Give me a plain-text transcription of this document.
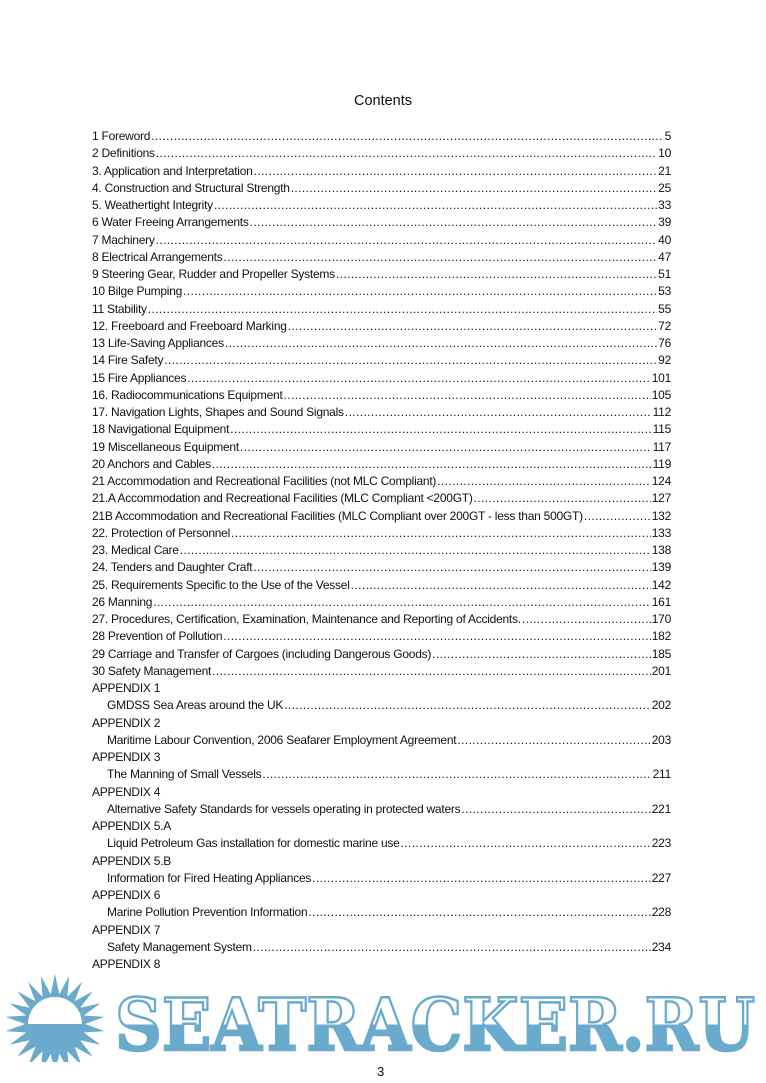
Contents
1 Foreword .....	5
2 Definitions .....	10
3. Application and Interpretation .....	21
4. Construction and Structural Strength .....	25
5. Weathertight Integrity .....	33
6 Water Freeing Arrangements .....	39
7 Machinery .....	40
8 Electrical Arrangements .....	47
9 Steering Gear, Rudder and Propeller Systems .....	51
10 Bilge Pumping .....	53
11 Stability .....	55
12. Freeboard and Freeboard Marking .....	72
13 Life-Saving Appliances .....	76
14 Fire Safety .....	92
15 Fire Appliances .....	101
16. Radiocommunications Equipment .....	105
17. Navigation Lights, Shapes and Sound Signals .....	112
18 Navigational Equipment .....	115
19 Miscellaneous Equipment .....	117
20 Anchors and Cables .....	119
21 Accommodation and Recreational Facilities (not MLC Compliant) .....	124
21.A Accommodation and Recreational Facilities (MLC Compliant <200GT) .....	127
21B Accommodation and Recreational Facilities (MLC Compliant over 200GT - less than 500GT) .....	132
22. Protection of Personnel .....	133
23. Medical Care .....	138
24. Tenders and Daughter Craft .....	139
25. Requirements Specific to the Use of the Vessel .....	142
26 Manning .....	161
27. Procedures, Certification, Examination, Maintenance and Reporting of Accidents. .....	170
28 Prevention of Pollution .....	182
29 Carriage and Transfer of Cargoes (including Dangerous Goods) .....	185
30 Safety Management .....	201
APPENDIX 1
GMDSS Sea Areas around the UK .....	202
APPENDIX 2
Maritime Labour Convention, 2006 Seafarer Employment Agreement .....	203
APPENDIX 3
The Manning of Small Vessels .....	211
APPENDIX 4
Alternative Safety Standards for vessels operating in protected waters .....	221
APPENDIX 5.A
Liquid Petroleum Gas installation for domestic marine use .....	223
APPENDIX 5.B
Information for Fired Heating Appliances .....	227
APPENDIX 6
Marine Pollution Prevention Information .....	228
APPENDIX 7
Safety Management System .....	234
APPENDIX 8
SEATRACKER.RU
3
